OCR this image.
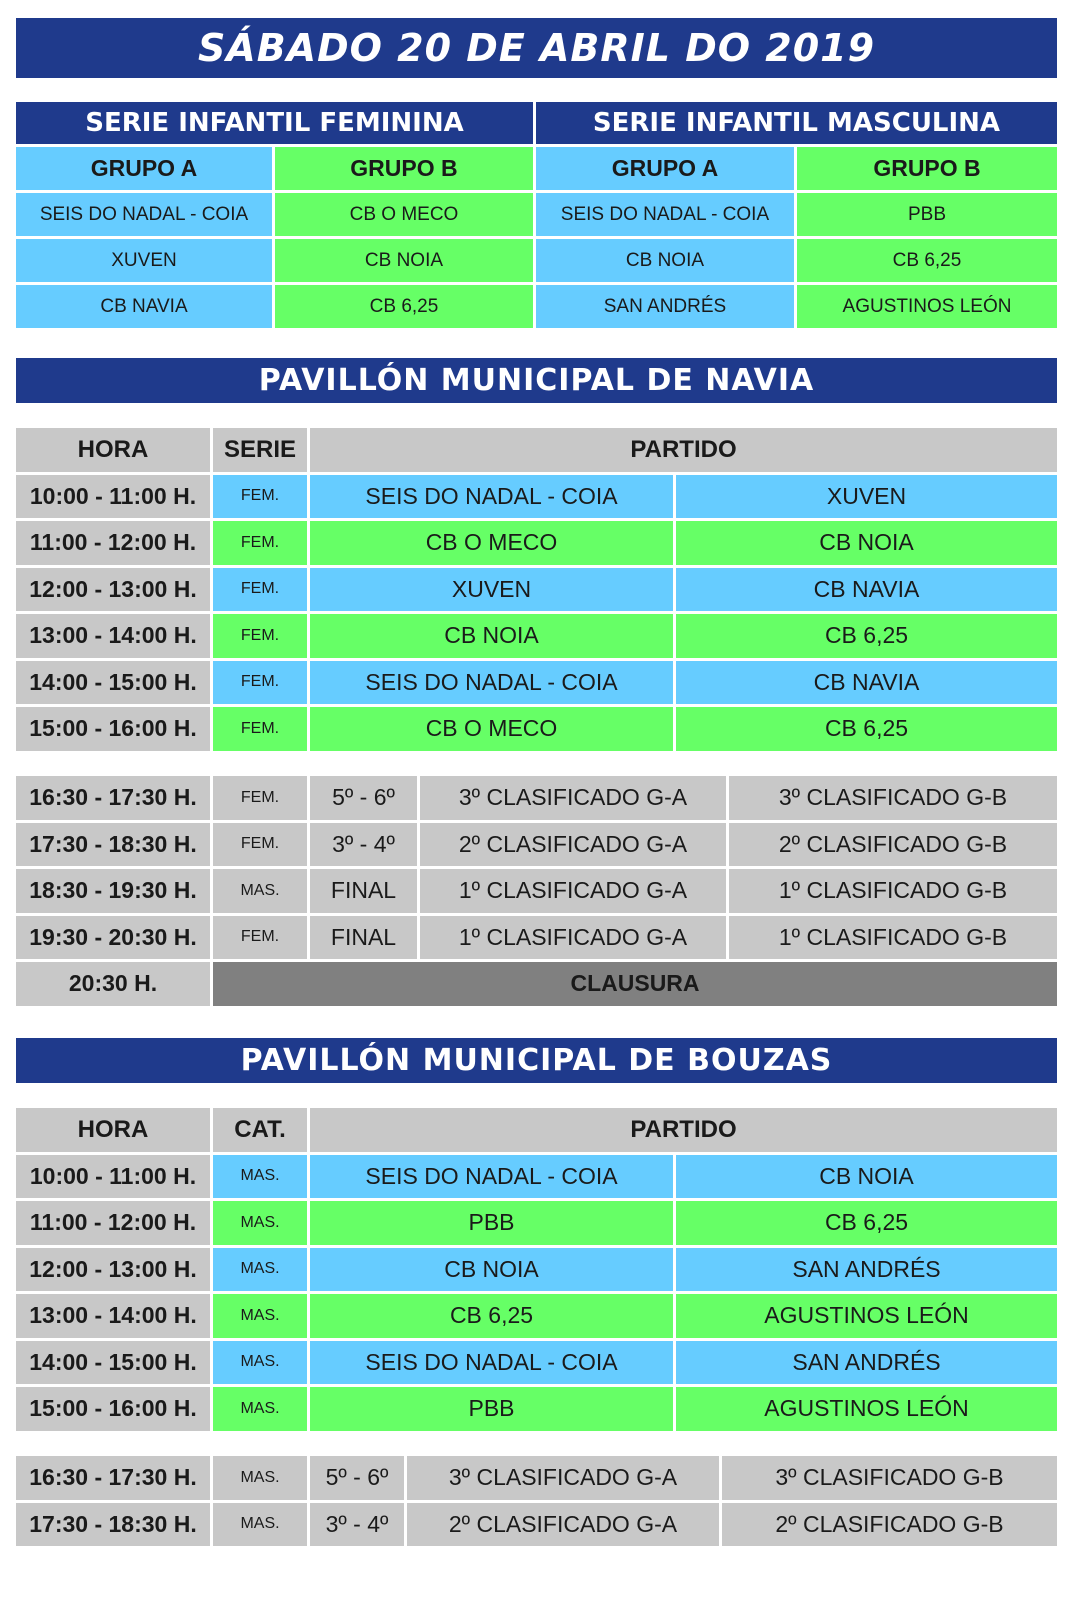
SÁBADO 20 DE ABRIL DO 2019
SERIE INFANTIL FEMININA		SERIE INFANTIL MASCULINA	
GRUPO A	GRUPO B	GRUPO A	GRUPO B
SEIS DO NADAL - COIA	CB O MECO	SEIS DO NADAL - COIA	PBB
XUVEN	CB NOIA	CB NOIA	CB 6,25
CB NAVIA	CB 6,25	SAN ANDRÉS	AGUSTINOS LEÓN
PAVILLÓN MUNICIPAL DE NAVIA
HORA	SERIE	PARTIDO	
10:00 - 11:00 H.	FEM.	SEIS DO NADAL - COIA	XUVEN
11:00 - 12:00 H.	FEM.	CB O MECO	CB NOIA
12:00 - 13:00 H.	FEM.	XUVEN	CB NAVIA
13:00 - 14:00 H.	FEM.	CB NOIA	CB 6,25
14:00 - 15:00 H.	FEM.	SEIS DO NADAL - COIA	CB NAVIA
15:00 - 16:00 H.	FEM.	CB O MECO	CB 6,25
16:30 - 17:30 H.	FEM.	5º - 6º	3º CLASIFICADO G-A	3º CLASIFICADO G-B
17:30 - 18:30 H.	FEM.	3º - 4º	2º CLASIFICADO G-A	2º CLASIFICADO G-B
18:30 - 19:30 H.	MAS.	FINAL	1º CLASIFICADO G-A	1º CLASIFICADO G-B
19:30 - 20:30 H.	FEM.	FINAL	1º CLASIFICADO G-A	1º CLASIFICADO G-B
20:30 H.	CLAUSURA			
PAVILLÓN MUNICIPAL DE BOUZAS
HORA	CAT.	PARTIDO	
10:00 - 11:00 H.	MAS.	SEIS DO NADAL - COIA	CB NOIA
11:00 - 12:00 H.	MAS.	PBB	CB 6,25
12:00 - 13:00 H.	MAS.	CB NOIA	SAN ANDRÉS
13:00 - 14:00 H.	MAS.	CB 6,25	AGUSTINOS LEÓN
14:00 - 15:00 H.	MAS.	SEIS DO NADAL - COIA	SAN ANDRÉS
15:00 - 16:00 H.	MAS.	PBB	AGUSTINOS LEÓN
16:30 - 17:30 H.	MAS.	5º - 6º	3º CLASIFICADO G-A	3º CLASIFICADO G-B
17:30 - 18:30 H.	MAS.	3º - 4º	2º CLASIFICADO G-A	2º CLASIFICADO G-B
